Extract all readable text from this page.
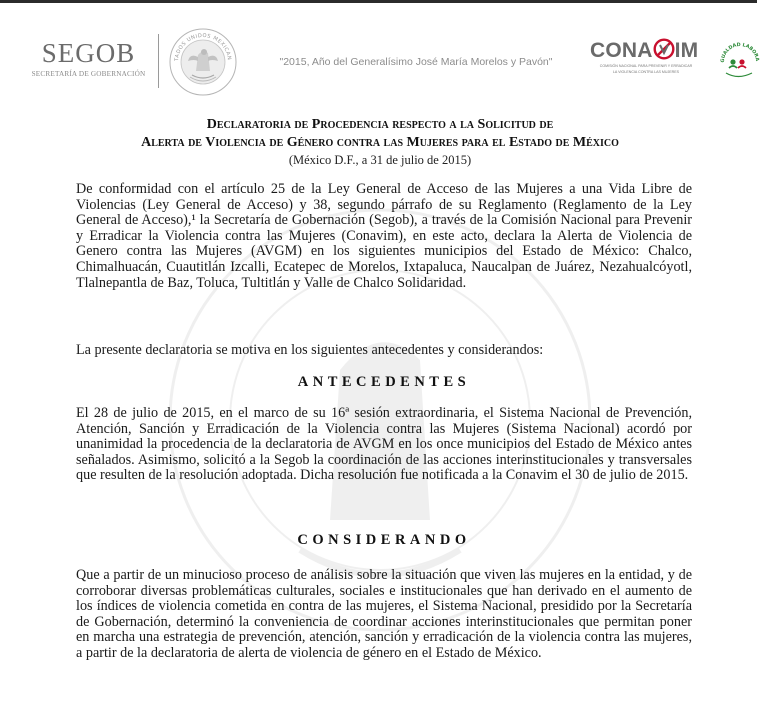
SEGOB
SECRETARÍA DE GOBERNACIÓN
TADOS UNIDOS MEXICAN	"2015, Año del Generalísimo José María Morelos y Pavón"	CONA IM
COMISIÓN NACIONAL PARA PREVENIR Y ERRADICAR
LA VIOLENCIA CONTRA LAS MUJERES
GUALDAD LABORA
Declaratoria de Procedencia respecto a la Solicitud de
Alerta de Violencia de Género contra las Mujeres para el Estado de México
(México D.F., a 31 de julio de 2015)
De conformidad con el artículo 25 de la Ley General de Acceso de las Mujeres a una Vida Libre de Violencias (Ley General de Acceso) y 38, segundo párrafo de su Reglamento (Reglamento de la Ley General de Acceso),¹ la Secretaría de Gobernación (Segob), a través de la Comisión Nacional para Prevenir y Erradicar la Violencia contra las Mujeres (Conavim), en este acto, declara la Alerta de Violencia de Genero contra las Mujeres (AVGM) en los siguientes municipios del Estado de México: Chalco, Chimalhuacán, Cuautitlán Izcalli, Ecatepec de Morelos, Ixtapaluca, Naucalpan de Juárez, Nezahualcóyotl, Tlalnepantla de Baz, Toluca, Tultitlán y Valle de Chalco Solidaridad.
La presente declaratoria se motiva en los siguientes antecedentes y considerandos:
ANTECEDENTES
El 28 de julio de 2015, en el marco de su 16ª sesión extraordinaria, el Sistema Nacional de Prevención, Atención, Sanción y Erradicación de la Violencia contra las Mujeres (Sistema Nacional) acordó por unanimidad la procedencia de la declaratoria de AVGM en los once municipios del Estado de México antes señalados. Asimismo, solicitó a la Segob la coordinación de las acciones interinstitucionales y transversales que resulten de la resolución adoptada. Dicha resolución fue notificada a la Conavim el 30 de julio de 2015.
CONSIDERANDO
Que a partir de un minucioso proceso de análisis sobre la situación que viven las mujeres en la entidad, y de corroborar diversas problemáticas culturales, sociales e institucionales que han derivado en el aumento de los índices de violencia cometida en contra de las mujeres, el Sistema Nacional, presidido por la Secretaría de Gobernación, determinó la conveniencia de coordinar acciones interinstitucionales que permitan poner en marcha una estrategia de prevención, atención, sanción y erradicación de la violencia contra las mujeres, a partir de la declaratoria de alerta de violencia de género en el Estado de México.
